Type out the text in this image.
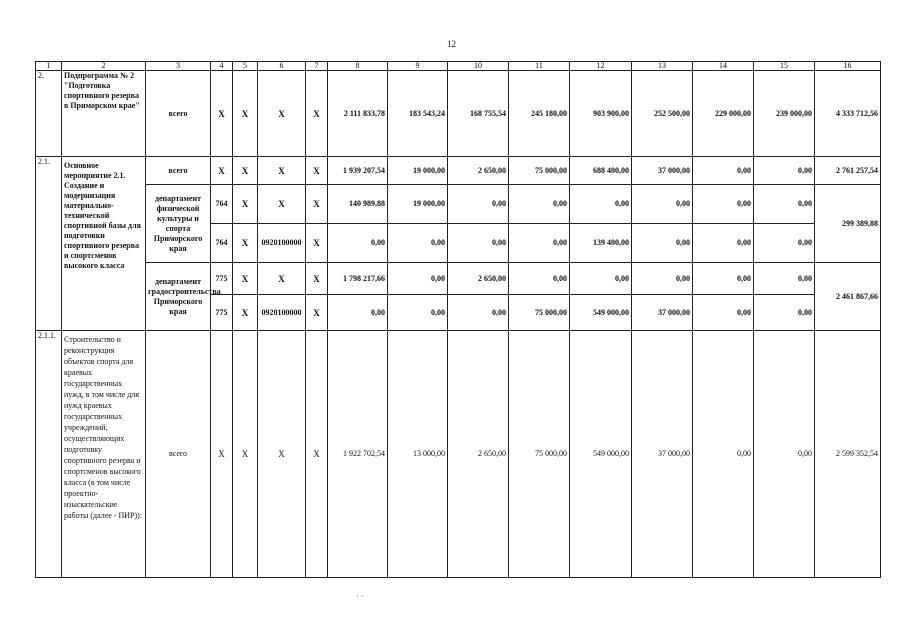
12
1	2	3	4	5	6	7	8	9	10	11	12	13	14	15	16
2.	Подпрограмма № 2 "Подготовка спортивного резерва в Приморском крае"	всего	Х	Х	Х	Х	2 111 833,78	183 543,24	168 755,54	245 180,00	903 900,00	252 500,00	229 000,00	239 000,00	4 333 712,56
2.1.	Основное мероприятие 2.1. Создание и модернизация материально-технической спортивной базы для подготовки спортивного резерва и спортсменов высокого класса	всего	Х	Х	Х	Х	1 939 207,54	19 000,00	2 650,00	75 000,00	688 400,00	37 000,00	0,00	0,00	2 761 257,54
		департамент физической культуры и спорта Приморского края	764	Х	Х	Х	140 989,88	19 000,00	0,00	0,00	0,00	0,00	0,00	0,00	299 389,88
			764	Х	0920100000	Х	0,00	0,00	0,00	0,00	139 400,00	0,00	0,00	0,00	
		департамент градостроительства Приморского края	775	Х	Х	Х	1 798 217,66	0,00	2 650,00	0,00	0,00	0,00	0,00	0,00	2 461 867,66
			775	Х	0920100000	Х	0,00	0,00	0,00	75 000,00	549 000,00	37 000,00	0,00	0,00	
2.1.1.	Строительство и реконструкция объектов спорта для краевых государственных нужд, в том числе для нужд краевых государственных учреждений, осуществляющих подготовку спортивного резерва и спортсменов высокого класса (в том числе проектно-изыскательские работы (далее - ПИР)):	всего	Х	Х	Х	Х	1 922 702,54	13 000,00	2 650,00	75 000,00	549 000,00	37 000,00	0,00	0,00	2 599 352,54
· ·
